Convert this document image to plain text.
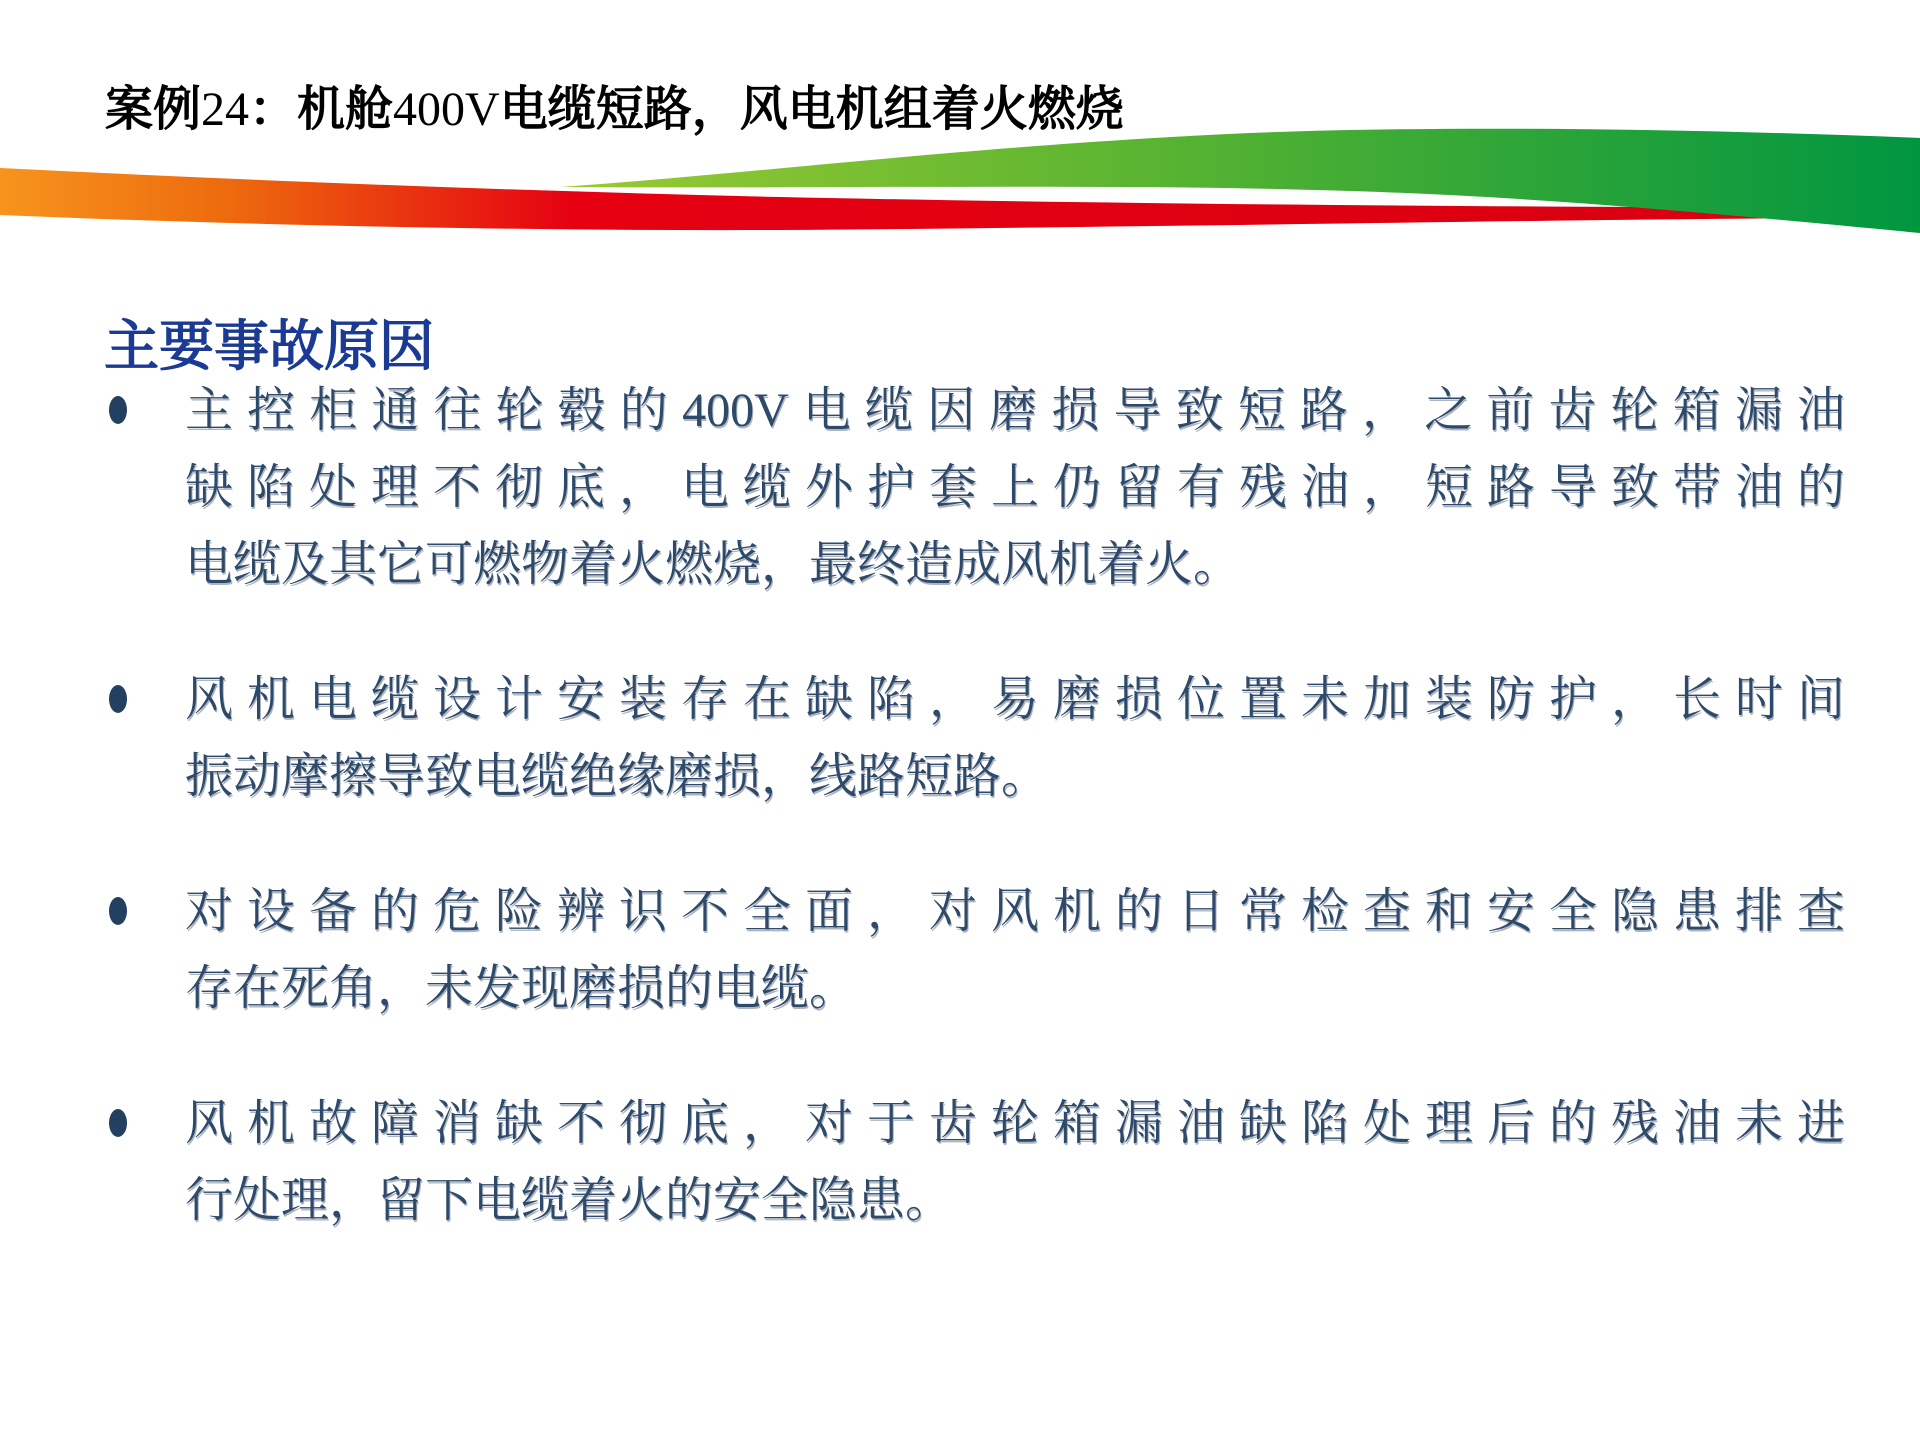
案例24：机舱400V电缆短路，风电机组着火燃烧
主要事故原因
主控柜通往轮毂的400V电缆因磨损导致短路，之前齿轮箱漏油
缺陷处理不彻底，电缆外护套上仍留有残油，短路导致带油的
电缆及其它可燃物着火燃烧，最终造成风机着火。
风机电缆设计安装存在缺陷，易磨损位置未加装防护，长时间
振动摩擦导致电缆绝缘磨损，线路短路。
对设备的危险辨识不全面，对风机的日常检查和安全隐患排查
存在死角，未发现磨损的电缆。
风机故障消缺不彻底，对于齿轮箱漏油缺陷处理后的残油未进
行处理，留下电缆着火的安全隐患。
